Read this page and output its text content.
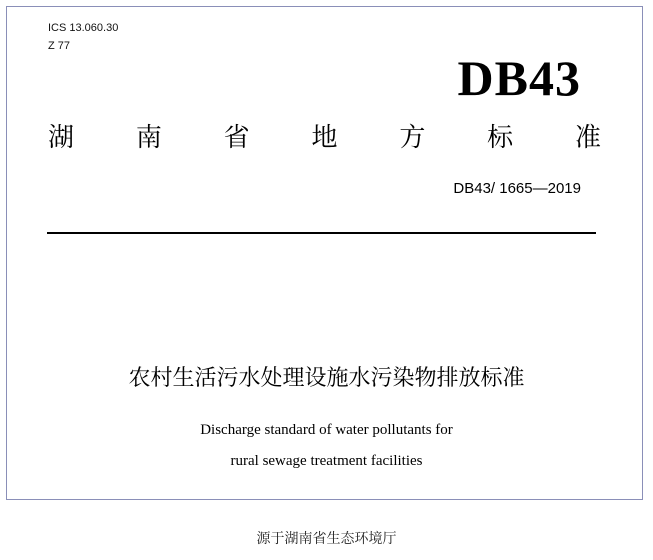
ICS 13.060.30
Z 77
DB43
湖 南 省 地 方 标 准
DB43/ 1665—2019
农村生活污水处理设施水污染物排放标准
Discharge standard of water pollutants for
rural sewage treatment facilities
源于湖南省生态环境厅
